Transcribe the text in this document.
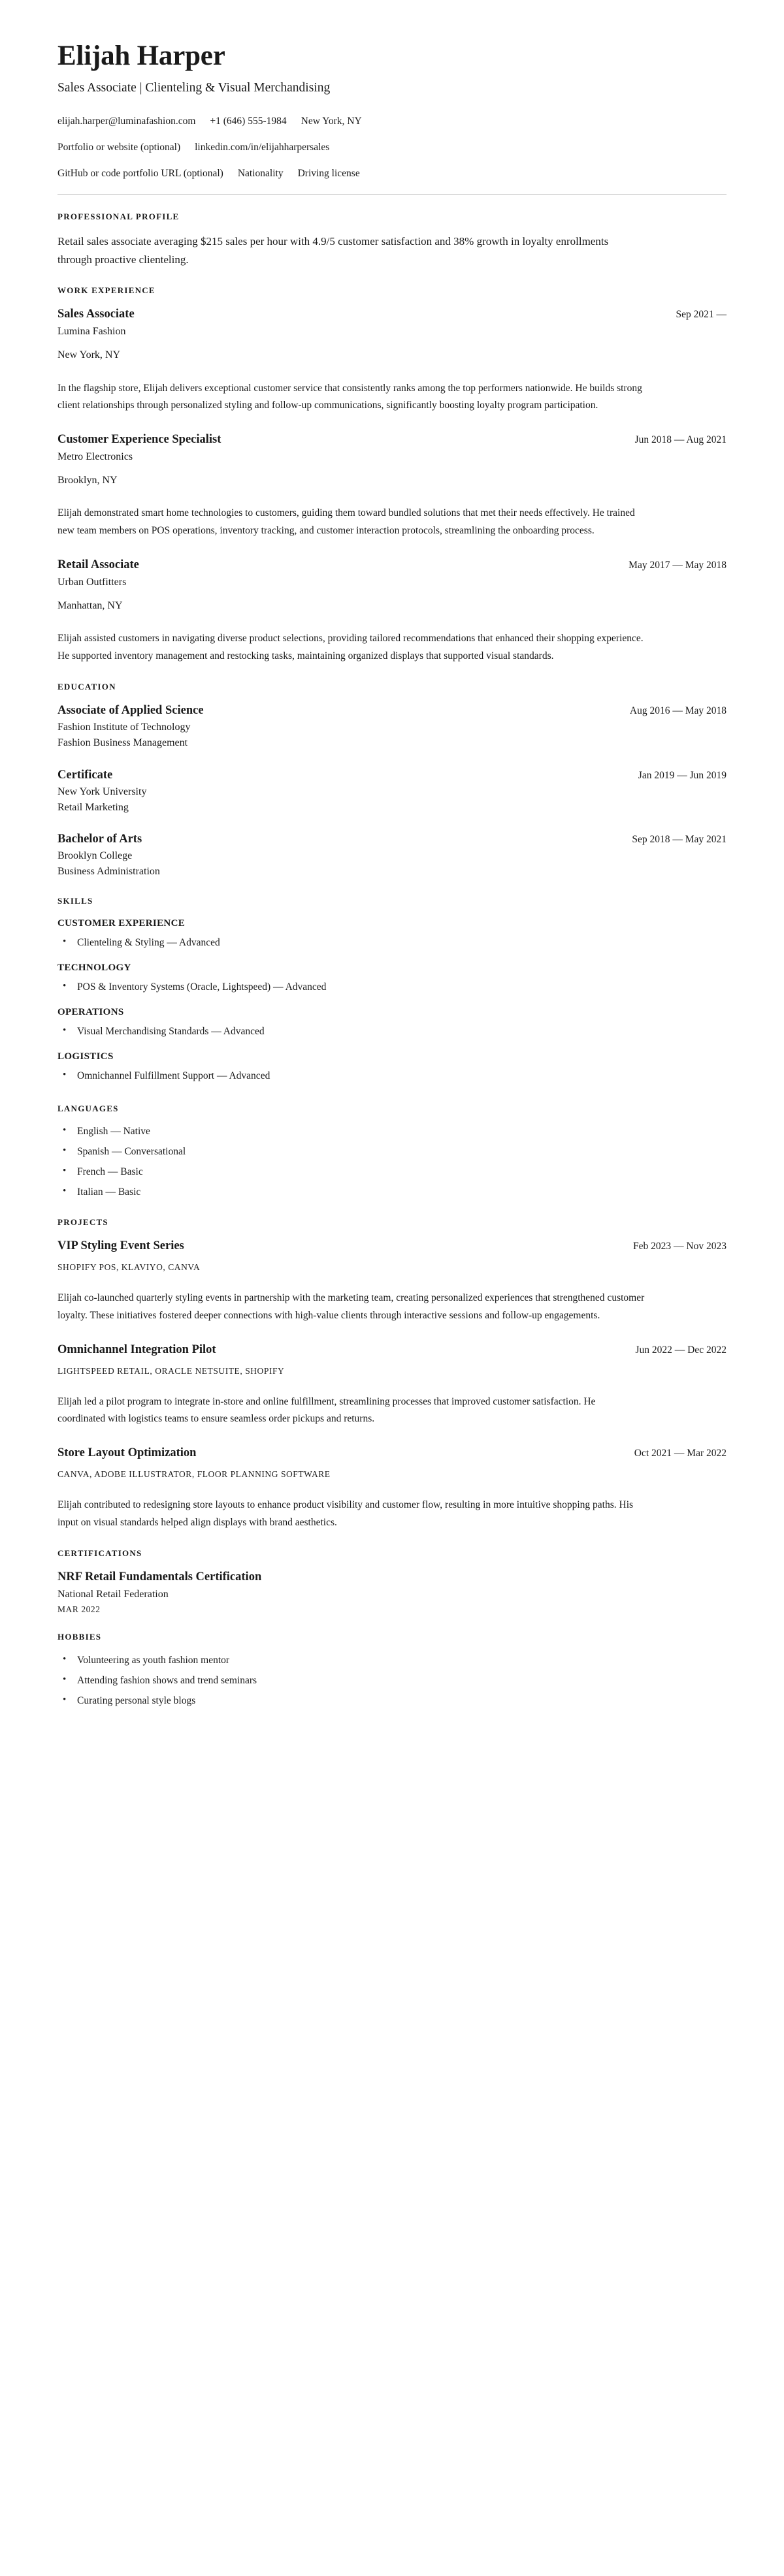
Elijah Harper
Sales Associate | Clienteling & Visual Merchandising
elijah.harper@luminafashion.com +1 (646) 555-1984 New York, NY
Portfolio or website (optional) linkedin.com/in/elijahharpersales
GitHub or code portfolio URL (optional) Nationality Driving license
PROFESSIONAL PROFILE

Retail sales associate averaging $215 sales per hour with 4.9/5 customer satisfaction and 38% growth in loyalty enrollments through proactive clienteling.

WORK EXPERIENCE
Sales Associate	Sep 2021 —
Lumina Fashion
New York, NY

In the flagship store, Elijah delivers exceptional customer service that consistently ranks among the top performers nationwide. He builds strong client relationships through personalized styling and follow-up communications, significantly boosting loyalty program participation.

Customer Experience Specialist	Jun 2018 — Aug 2021
Metro Electronics
Brooklyn, NY

Elijah demonstrated smart home technologies to customers, guiding them toward bundled solutions that met their needs effectively. He trained new team members on POS operations, inventory tracking, and customer interaction protocols, streamlining the onboarding process.

Retail Associate	May 2017 — May 2018
Urban Outfitters
Manhattan, NY

Elijah assisted customers in navigating diverse product selections, providing tailored recommendations that enhanced their shopping experience. He supported inventory management and restocking tasks, maintaining organized displays that supported visual standards.

EDUCATION
Associate of Applied Science	Aug 2016 — May 2018
Fashion Institute of Technology
Fashion Business Management
Certificate	Jan 2019 — Jun 2019
New York University
Retail Marketing
Bachelor of Arts	Sep 2018 — May 2021
Brooklyn College
Business Administration
SKILLS
CUSTOMER EXPERIENCE
• Clienteling & Styling — Advanced
TECHNOLOGY
• POS & Inventory Systems (Oracle, Lightspeed) — Advanced
OPERATIONS
• Visual Merchandising Standards — Advanced
LOGISTICS
• Omnichannel Fulfillment Support — Advanced
LANGUAGES
• English — Native
• Spanish — Conversational
• French — Basic
• Italian — Basic
PROJECTS
VIP Styling Event Series	Feb 2023 — Nov 2023
SHOPIFY POS, KLAVIYO, CANVA

Elijah co-launched quarterly styling events in partnership with the marketing team, creating personalized experiences that strengthened customer loyalty. These initiatives fostered deeper connections with high-value clients through interactive sessions and follow-up engagements.

Omnichannel Integration Pilot	Jun 2022 — Dec 2022
LIGHTSPEED RETAIL, ORACLE NETSUITE, SHOPIFY

Elijah led a pilot program to integrate in-store and online fulfillment, streamlining processes that improved customer satisfaction. He coordinated with logistics teams to ensure seamless order pickups and returns.

Store Layout Optimization	Oct 2021 — Mar 2022
CANVA, ADOBE ILLUSTRATOR, FLOOR PLANNING SOFTWARE

Elijah contributed to redesigning store layouts to enhance product visibility and customer flow, resulting in more intuitive shopping paths. His input on visual standards helped align displays with brand aesthetics.

CERTIFICATIONS
NRF Retail Fundamentals Certification
National Retail Federation
MAR 2022
HOBBIES
• Volunteering as youth fashion mentor
• Attending fashion shows and trend seminars
• Curating personal style blogs
